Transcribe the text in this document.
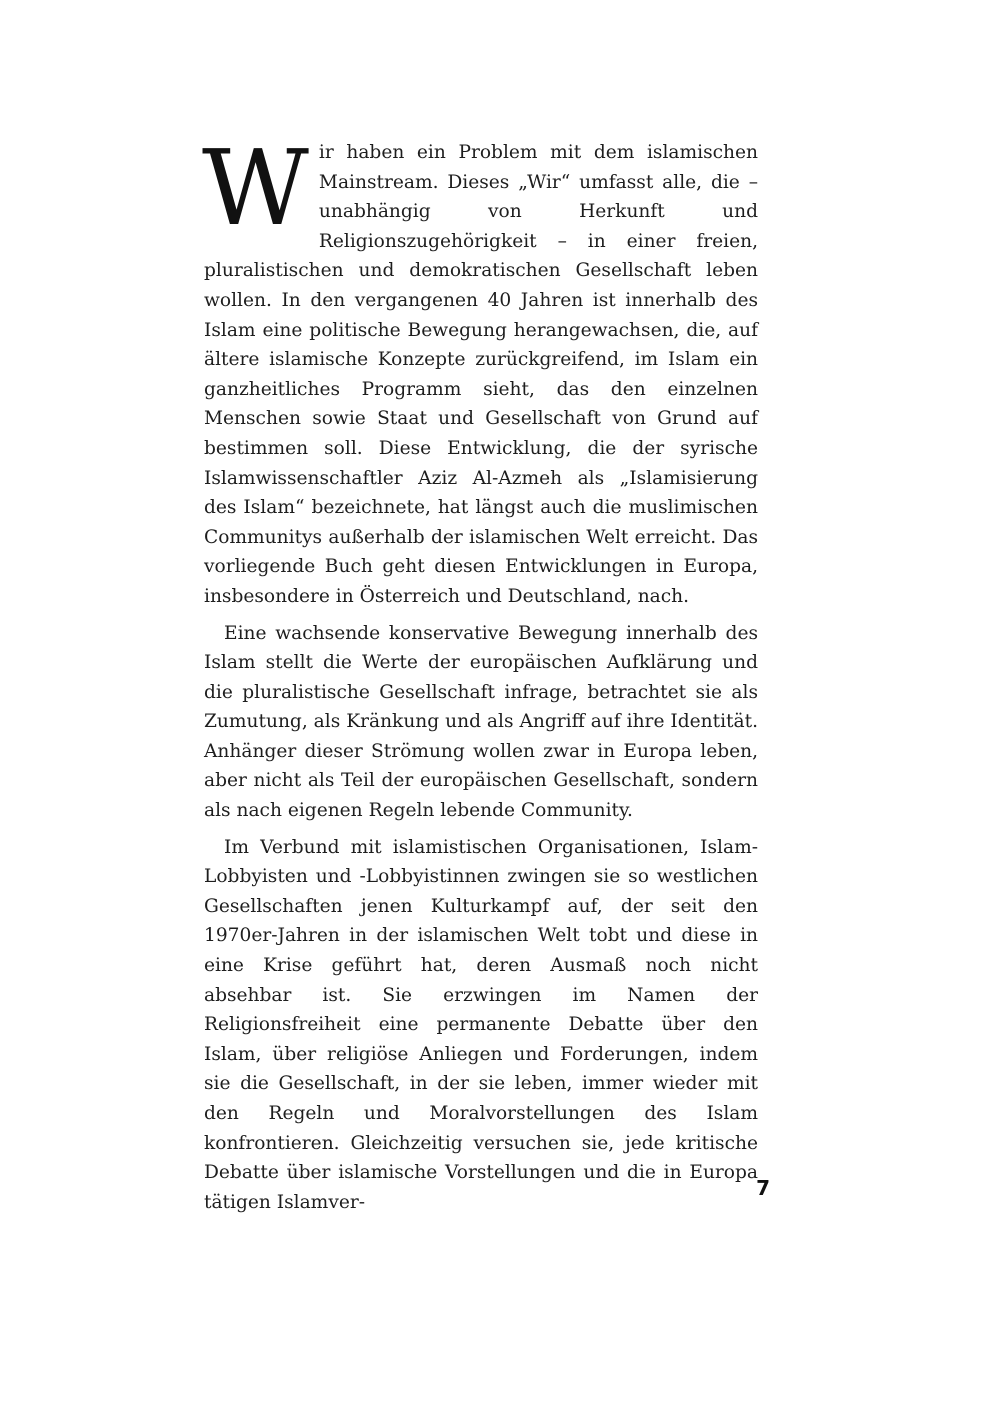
Wir haben ein Problem mit dem islamischen Mainstream. Dieses „Wir“ umfasst alle, die – unabhängig von Herkunft und Religionszugehörigkeit – in einer freien, pluralistischen und demokratischen Gesellschaft leben wollen. In den vergangenen 40 Jahren ist innerhalb des Islam eine politische Bewegung herangewachsen, die, auf ältere islamische Konzepte zurückgreifend, im Islam ein ganzheitliches Programm sieht, das den einzelnen Menschen sowie Staat und Gesellschaft von Grund auf bestimmen soll. Diese Entwicklung, die der syrische Islamwissenschaftler Aziz Al-Azmeh als „Islamisierung des Islam“ bezeichnete, hat längst auch die muslimischen Communitys außerhalb der islamischen Welt erreicht. Das vorliegende Buch geht diesen Entwicklungen in Europa, insbesondere in Österreich und Deutschland, nach.

Eine wachsende konservative Bewegung innerhalb des Islam stellt die Werte der europäischen Aufklärung und die pluralistische Gesellschaft infrage, betrachtet sie als Zumutung, als Kränkung und als Angriff auf ihre Identität. Anhänger dieser Strömung wollen zwar in Europa leben, aber nicht als Teil der europäischen Gesellschaft, sondern als nach eigenen Regeln lebende Community.

Im Verbund mit islamistischen Organisationen, Islam-Lobbyisten und -Lobbyistinnen zwingen sie so westlichen Gesellschaften jenen Kulturkampf auf, der seit den 1970er-Jahren in der islamischen Welt tobt und diese in eine Krise geführt hat, deren Ausmaß noch nicht absehbar ist. Sie erzwingen im Namen der Religionsfreiheit eine permanente Debatte über den Islam, über religiöse Anliegen und Forderungen, indem sie die Gesellschaft, in der sie leben, immer wieder mit den Regeln und Moralvorstellungen des Islam konfrontieren. Gleichzeitig versuchen sie, jede kritische Debatte über islamische Vorstellungen und die in Europa tätigen Islamver-

7
